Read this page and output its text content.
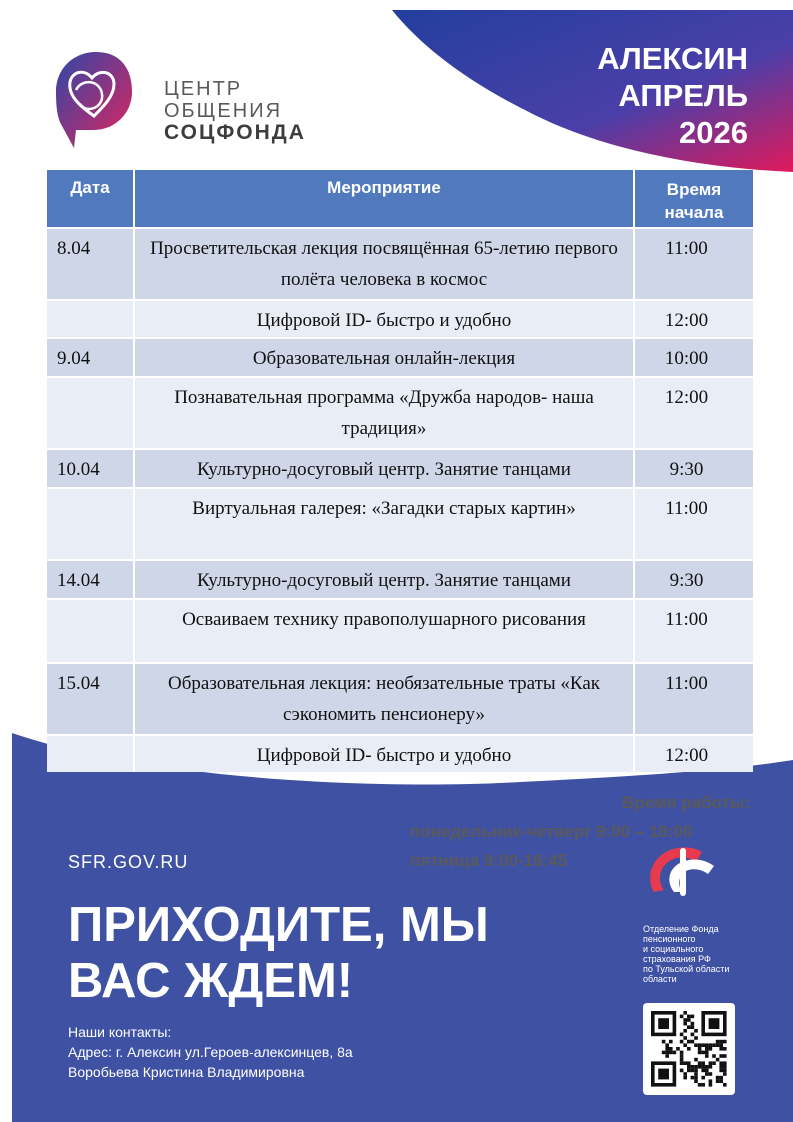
ЦЕНТР
ОБЩЕНИЯ
СОЦФОНДА
АЛЕКСИН
АПРЕЛЬ
2026
Дата	Мероприятие	Время начала
8.04	Просветительская лекция посвящённая 65-летию первого полёта человека в космос	11:00
	Цифровой ID- быстро и удобно	12:00
9.04	Образовательная онлайн-лекция	10:00
	Познавательная программа «Дружба народов- наша традиция»	12:00
10.04	Культурно-досуговый центр. Занятие танцами	9:30
	Виртуальная галерея: «Загадки старых картин»	11:00
14.04	Культурно-досуговый центр. Занятие танцами	9:30
	Осваиваем технику правополушарного рисования	11:00
15.04	Образовательная лекция: необязательные траты «Как сэкономить пенсионеру»	11:00
	Цифровой ID- быстро и удобно	12:00
Время работы:
понедельник-четверг 9:00 – 18:00
пятница 9:00-16:45
SFR.GOV.RU
ПРИХОДИТЕ, МЫ
ВАС ЖДЕМ!
Наши контакты:
Адрес: г. Алексин ул.Героев-алексинцев, 8а
Воробьева Кристина Владимировна
Отделение Фонда
пенсионного
и социального
страхования РФ
по Тульской области
области
